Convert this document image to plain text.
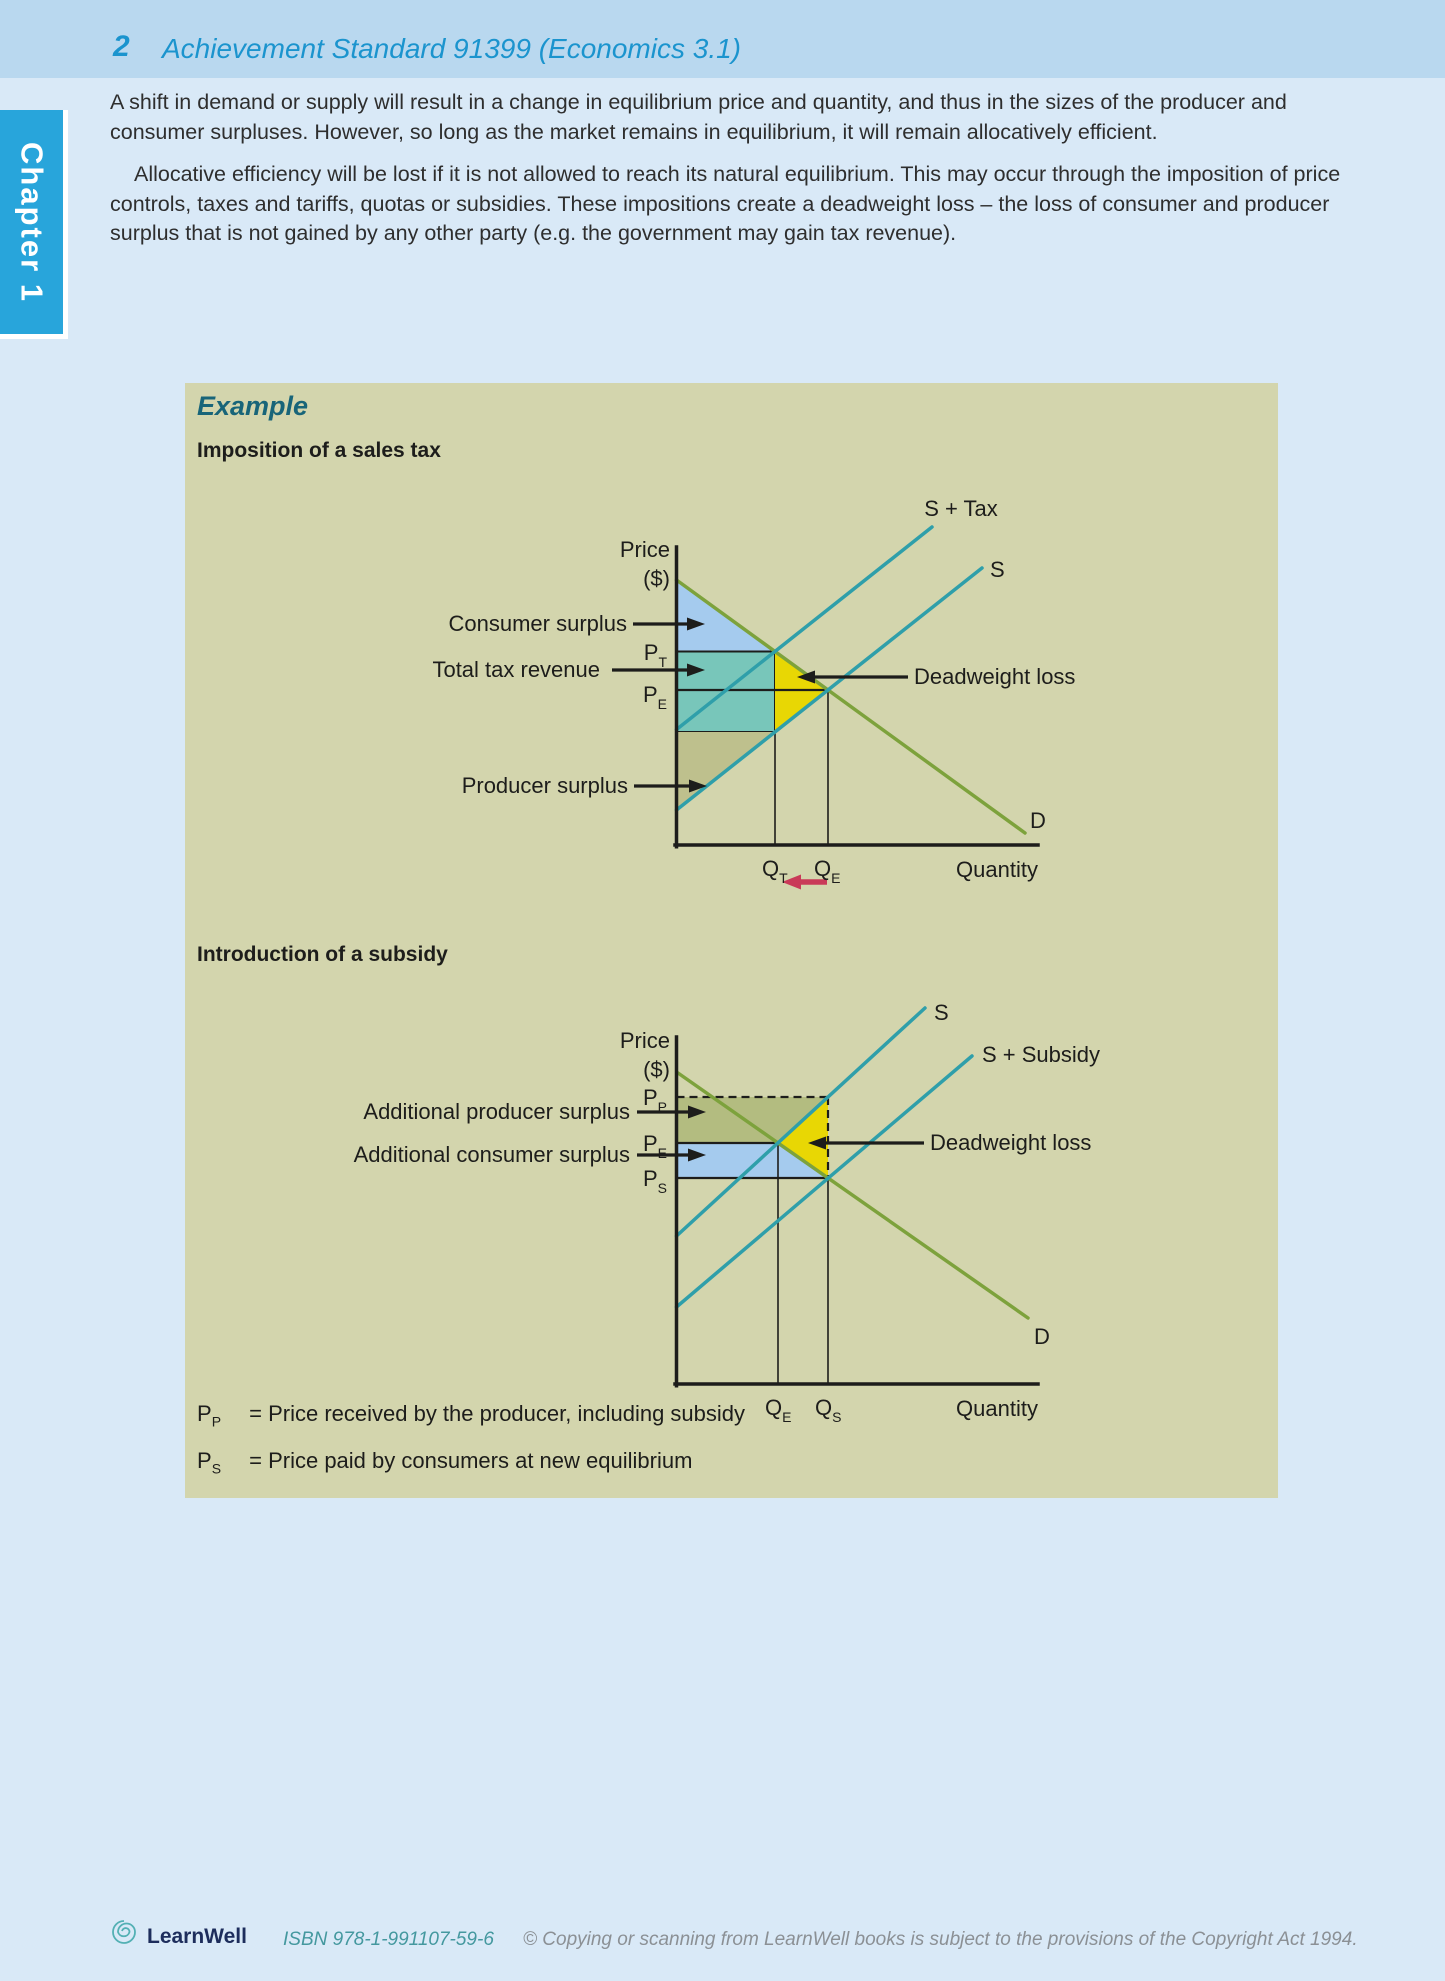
2 Achievement Standard 91399 (Economics 3.1)
Chapter 1

A shift in demand or supply will result in a change in equilibrium price and quantity, and thus in the sizes of the producer and consumer surpluses. However, so long as the market remains in equilibrium, it will remain allocatively efficient.

Allocative efficiency will be lost if it is not allowed to reach its natural equilibrium. This may occur through the imposition of price controls, taxes and tariffs, quotas or subsidies. These impositions create a deadweight loss – the loss of consumer and producer surplus that is not gained by any other party (e.g. the government may gain tax revenue).

Example
Imposition of a sales tax
Introduction of a subsidy
$P_P$ = Price received by the producer, including subsidy
$P_S$ = Price paid by consumers at new equilibrium
Price
($)
S + Tax
S
D
$P_T$
$P_E$
$Q_T$ $Q_E$	Quantity
Consumer surplus
Total tax revenue
Producer surplus
Deadweight loss
Price
($)
S
S + Subsidy
D
$P_P$
$P_E$
$P_S$
$Q_E$ $Q_S$	Quantity
Additional producer surplus
Additional consumer surplus	Deadweight loss
LearnWell ISBN 978-1-991107-59-6 © Copying or scanning from LearnWell books is subject to the provisions of the Copyright Act 1994.
